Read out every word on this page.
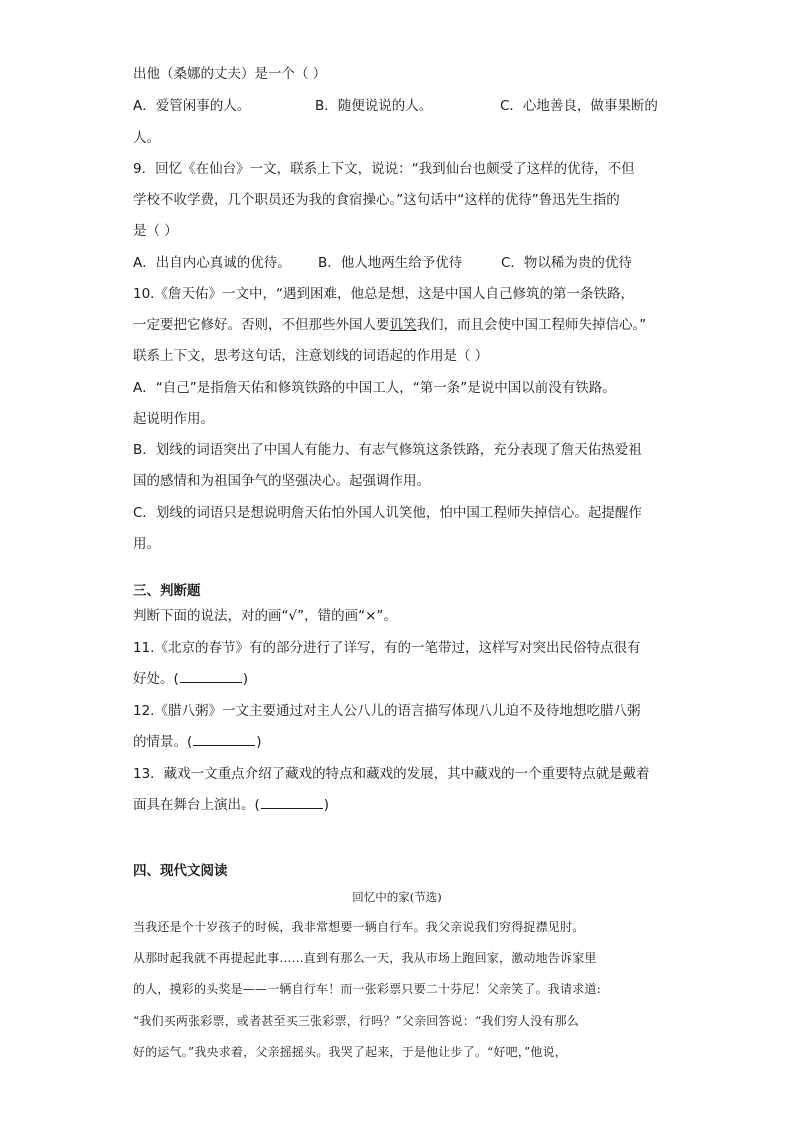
出他（桑娜的丈夫）是一个（ ）
A．爱管闲事的人。	B．随便说说的人。	C．心地善良，做事果断的
人。
9．回忆《在仙台》一文，联系上下文，说说：“我到仙台也颇受了这样的优待，不但
学校不收学费，几个职员还为我的食宿操心。”这句话中“这样的优待”鲁迅先生指的
是（ ）
A．出自内心真诚的优待。 B．他人地两生给予优待	C．物以稀为贵的优待
10.《詹天佑》一文中，“遇到困难，他总是想，这是中国人自己修筑的第一条铁路，
一定要把它修好。否则，不但那些外国人要讥笑我们，而且会使中国工程师失掉信心。”
联系上下文，思考这句话，注意划线的词语起的作用是（ ）
A．“自己”是指詹天佑和修筑铁路的中国工人，“第一条”是说中国以前没有铁路。
起说明作用。
B．划线的词语突出了中国人有能力、有志气修筑这条铁路，充分表现了詹天佑热爱祖
国的感情和为祖国争气的坚强决心。起强调作用。
C．划线的词语只是想说明詹天佑怕外国人讥笑他，怕中国工程师失掉信心。起提醒作
用。
三、判断题
判断下面的说法，对的画“√”，错的画“×”。
11.《北京的春节》有的部分进行了详写，有的一笔带过，这样写对突出民俗特点很有
好处。(	)
12.《腊八粥》一文主要通过对主人公八儿的语言描写体现八儿迫不及待地想吃腊八粥
的情景。(	)
13．藏戏一文重点介绍了藏戏的特点和藏戏的发展，其中藏戏的一个重要特点就是戴着
面具在舞台上演出。(	)
四、现代文阅读
回忆中的家(节选)
当我还是个十岁孩子的时候，我非常想要一辆自行车。我父亲说我们穷得捉襟见肘。
从那时起我就不再提起此事……直到有那么一天，我从市场上跑回家，激动地告诉家里
的人，摸彩的头奖是——一辆自行车！而一张彩票只要二十芬尼！父亲笑了。我请求道:
“我们买两张彩票，或者甚至买三张彩票，行吗？”父亲回答说：“我们穷人没有那么
好的运气。”我央求着，父亲摇摇头。我哭了起来，于是他让步了。“好吧，”他说，
